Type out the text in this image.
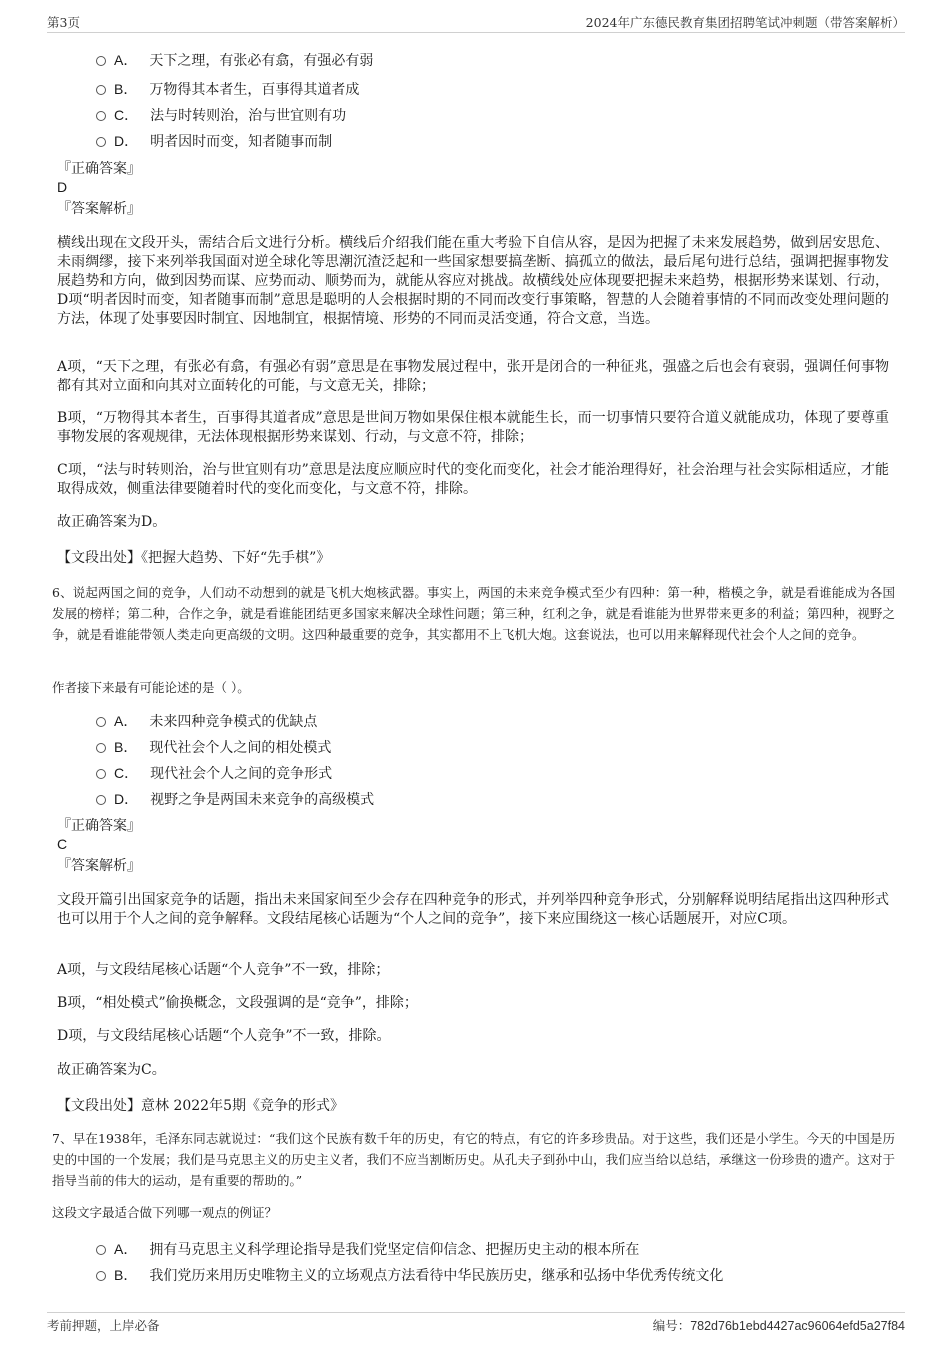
第3页	2024年广东德民教育集团招聘笔试冲刺题（带答案解析）
A． 天下之理，有张必有翕，有强必有弱
B． 万物得其本者生，百事得其道者成
C． 法与时转则治，治与世宜则有功
D． 明者因时而变，知者随事而制
『正确答案』
D
『答案解析』
横线出现在文段开头，需结合后文进行分析。横线后介绍我们能在重大考验下自信从容，是因为把握了未来发展趋势，做到居安思危、未雨绸缪，接下来列举我国面对逆全球化等思潮沉渣泛起和一些国家想要搞垄断、搞孤立的做法，最后尾句进行总结，强调把握事物发展趋势和方向，做到因势而谋、应势而动、顺势而为，就能从容应对挑战。故横线处应体现要把握未来趋势，根据形势来谋划、行动，D项“明者因时而变，知者随事而制”意思是聪明的人会根据时期的不同而改变行事策略，智慧的人会随着事情的不同而改变处理问题的方法，体现了处事要因时制宜、因地制宜，根据情境、形势的不同而灵活变通，符合文意，当选。
A项，“天下之理，有张必有翕，有强必有弱”意思是在事物发展过程中，张开是闭合的一种征兆，强盛之后也会有衰弱，强调任何事物都有其对立面和向其对立面转化的可能，与文意无关，排除；
B项，“万物得其本者生，百事得其道者成”意思是世间万物如果保住根本就能生长，而一切事情只要符合道义就能成功，体现了要尊重事物发展的客观规律，无法体现根据形势来谋划、行动，与文意不符，排除；
C项，“法与时转则治，治与世宜则有功”意思是法度应顺应时代的变化而变化，社会才能治理得好，社会治理与社会实际相适应，才能取得成效，侧重法律要随着时代的变化而变化，与文意不符，排除。
故正确答案为D。
【文段出处】《把握大趋势、下好“先手棋”》
6、说起两国之间的竞争，人们动不动想到的就是飞机大炮核武器。事实上，两国的未来竞争模式至少有四种：第一种，楷模之争，就是看谁能成为各国发展的榜样；第二种，合作之争，就是看谁能团结更多国家来解决全球性问题；第三种，红利之争，就是看谁能为世界带来更多的利益；第四种，视野之争，就是看谁能带领人类走向更高级的文明。这四种最重要的竞争，其实都用不上飞机大炮。这套说法，也可以用来解释现代社会个人之间的竞争。
作者接下来最有可能论述的是（ ）。
A． 未来四种竞争模式的优缺点
B． 现代社会个人之间的相处模式
C． 现代社会个人之间的竞争形式
D． 视野之争是两国未来竞争的高级模式
『正确答案』
C
『答案解析』
文段开篇引出国家竞争的话题，指出未来国家间至少会存在四种竞争的形式，并列举四种竞争形式，分别解释说明结尾指出这四种形式也可以用于个人之间的竞争解释。文段结尾核心话题为“个人之间的竞争”，接下来应围绕这一核心话题展开，对应C项。
A项，与文段结尾核心话题“个人竞争”不一致，排除；
B项，“相处模式”偷换概念，文段强调的是“竞争”，排除；
D项，与文段结尾核心话题“个人竞争”不一致，排除。
故正确答案为C。
【文段出处】意林 2022年5期《竞争的形式》
7、早在1938年，毛泽东同志就说过：“我们这个民族有数千年的历史，有它的特点，有它的许多珍贵品。对于这些，我们还是小学生。今天的中国是历史的中国的一个发展；我们是马克思主义的历史主义者，我们不应当割断历史。从孔夫子到孙中山，我们应当给以总结，承继这一份珍贵的遗产。这对于指导当前的伟大的运动，是有重要的帮助的。”
这段文字最适合做下列哪一观点的例证？
A． 拥有马克思主义科学理论指导是我们党坚定信仰信念、把握历史主动的根本所在
B． 我们党历来用历史唯物主义的立场观点方法看待中华民族历史，继承和弘扬中华优秀传统文化
考前押题，上岸必备	编号：782d76b1ebd4427ac96064efd5a27f84
